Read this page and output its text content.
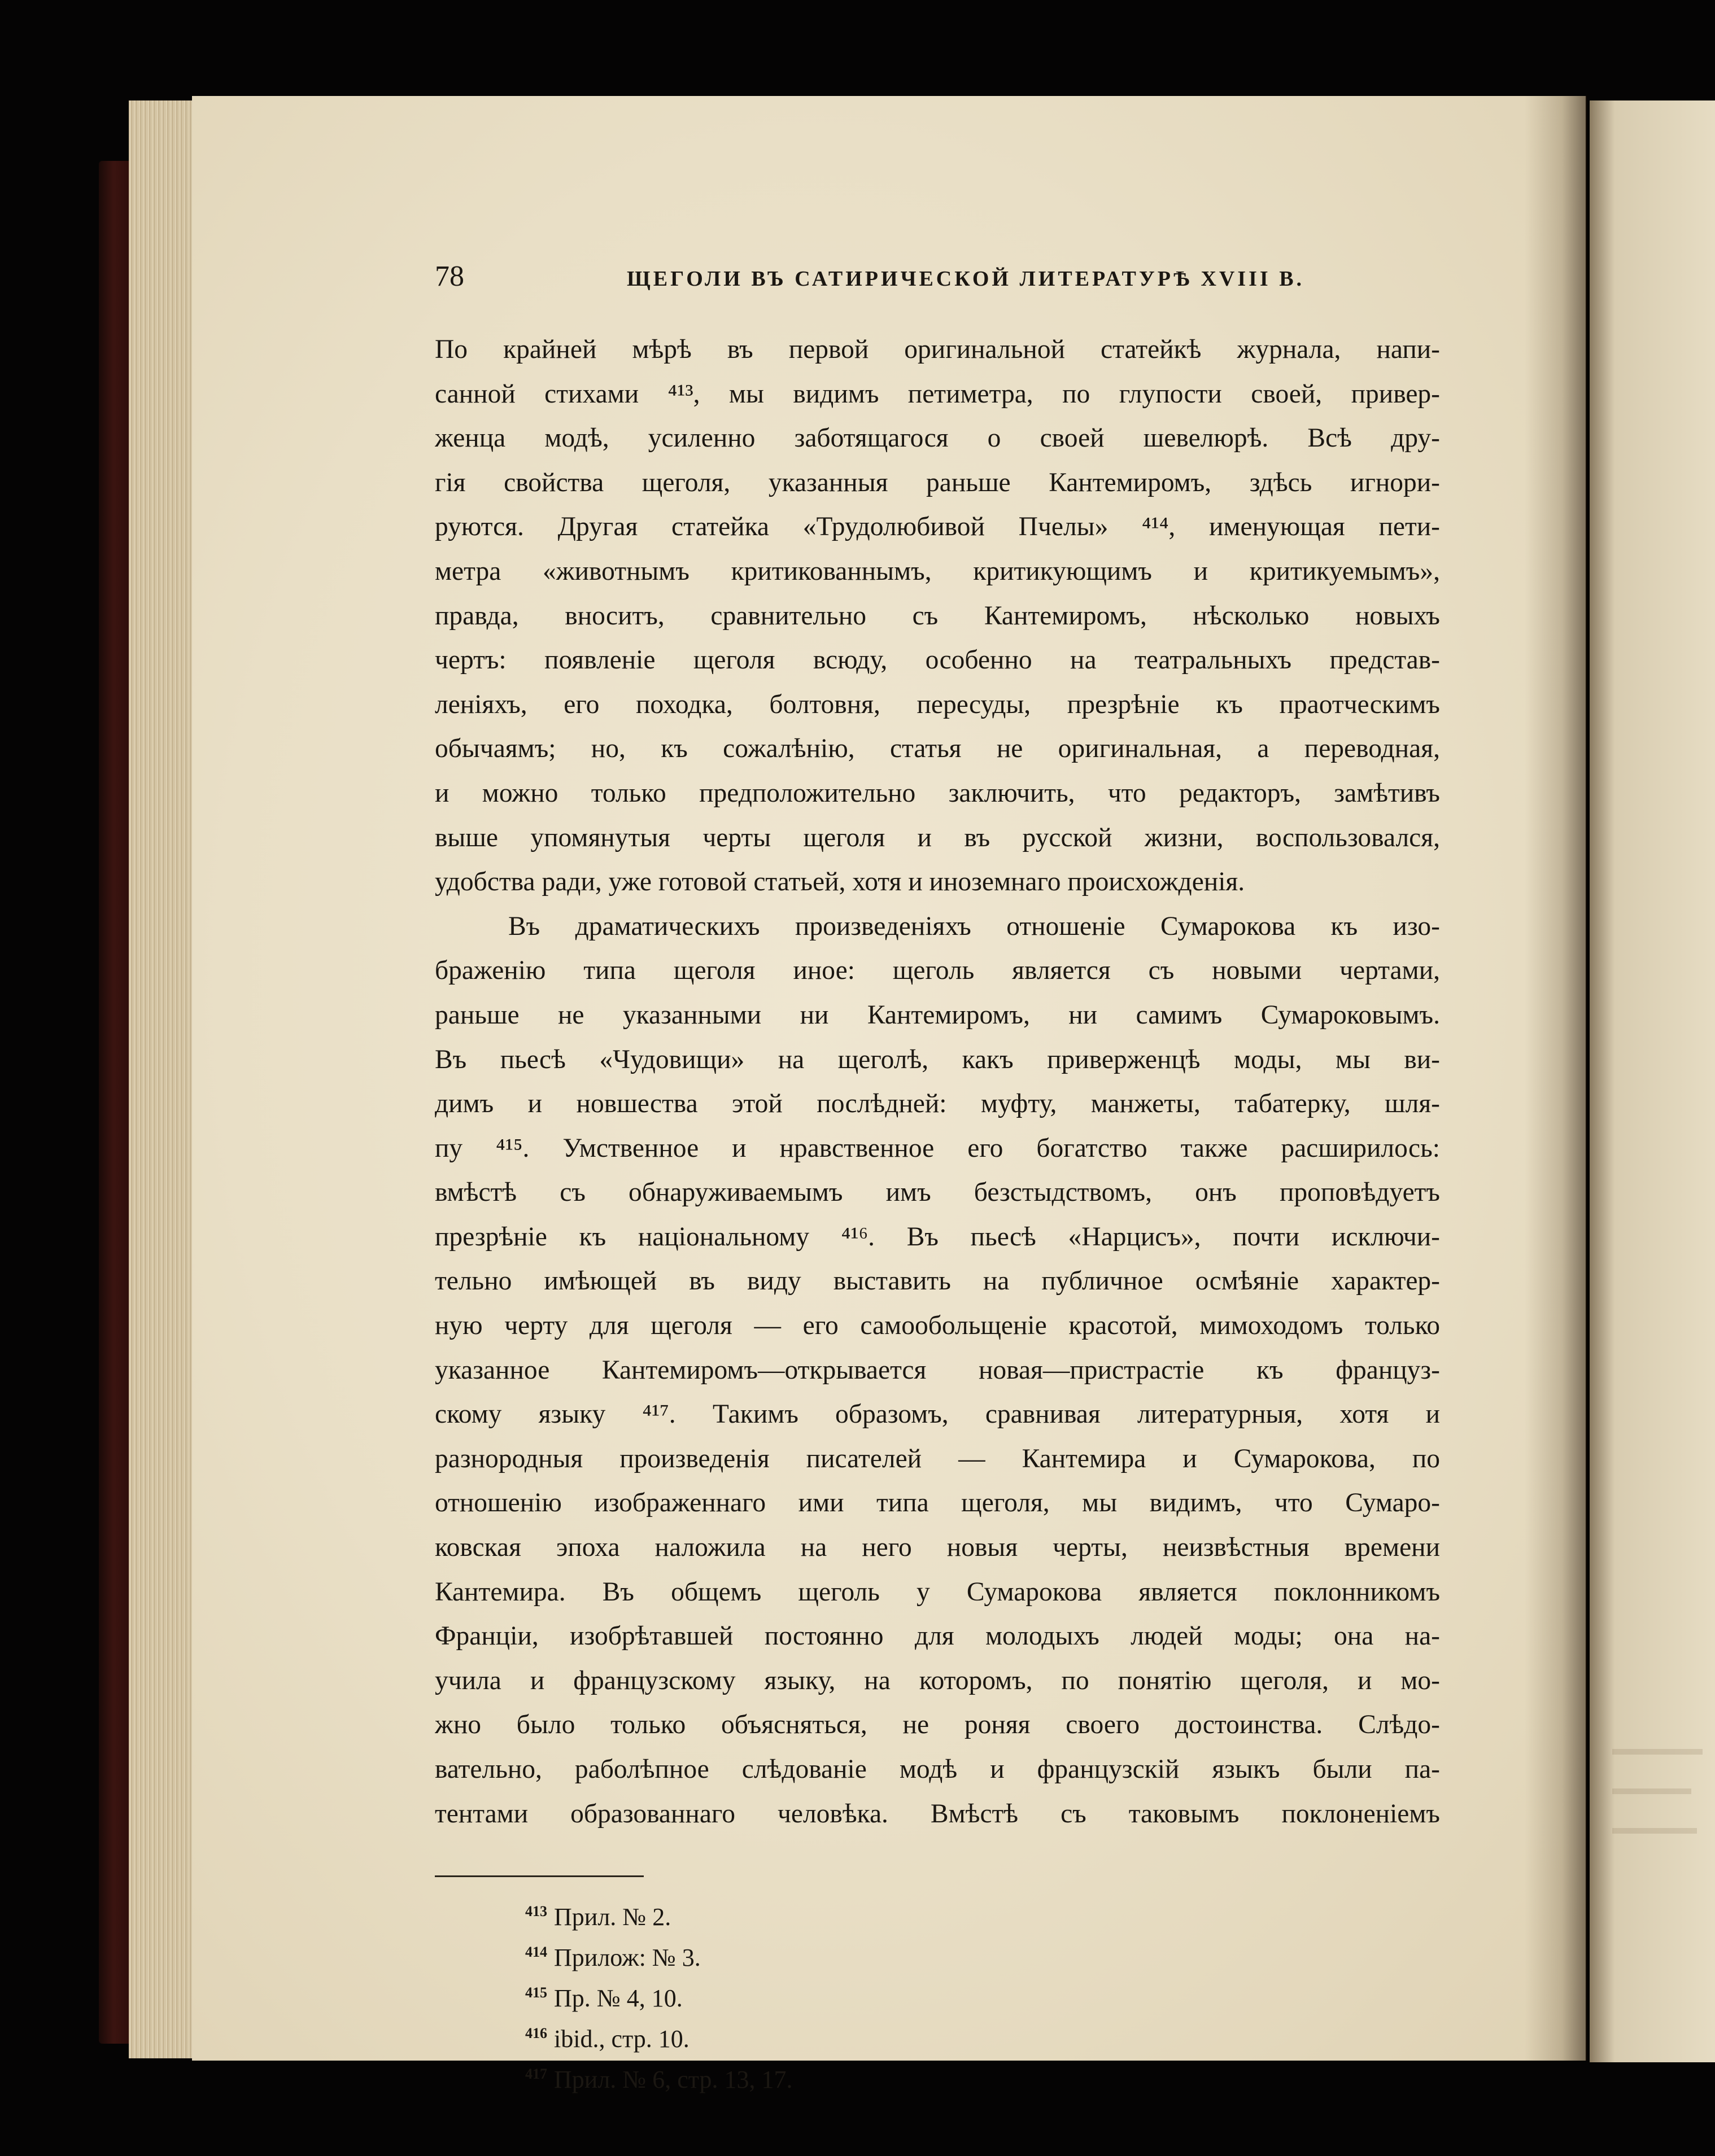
78	ЩЕГОЛИ ВЪ САТИРИЧЕСКОЙ ЛИТЕРАТУРѢ XVIII В.

По крайней мѣрѣ въ первой оригинальной статейкѣ журнала, напи-

санной стихами ⁴¹³, мы видимъ петиметра, по глупости своей, привер-

женца модѣ, усиленно заботящагося о своей шевелюрѣ. Всѣ дру-

гія свойства щеголя, указанныя раньше Кантемиромъ, здѣсь игнори-

руются. Другая статейка «Трудолюбивой Пчелы» ⁴¹⁴, именующая пети-

метра «животнымъ критикованнымъ, критикующимъ и критикуемымъ»,

правда, вноситъ, сравнительно съ Кантемиромъ, нѣсколько новыхъ

чертъ: появленіе щеголя всюду, особенно на театральныхъ представ-

леніяхъ, его походка, болтовня, пересуды, презрѣніе къ праотческимъ

обычаямъ; но, къ сожалѣнію, статья не оригинальная, а переводная,

и можно только предположительно заключить, что редакторъ, замѣтивъ

выше упомянутыя черты щеголя и въ русской жизни, воспользовался,

удобства ради, уже готовой статьей, хотя и иноземнаго происхожденія.

Въ драматическихъ произведеніяхъ отношеніе Сумарокова къ изо-

браженію типа щеголя иное: щеголь является съ новыми чертами,

раньше не указанными ни Кантемиромъ, ни самимъ Сумароковымъ.

Въ пьесѣ «Чудовищи» на щеголѣ, какъ приверженцѣ моды, мы ви-

димъ и новшества этой послѣдней: муфту, манжеты, табатерку, шля-

пу ⁴¹⁵. Умственное и нравственное его богатство также расширилось:

вмѣстѣ съ обнаруживаемымъ имъ безстыдствомъ, онъ проповѣдуетъ

презрѣніе къ національному ⁴¹⁶. Въ пьесѣ «Нарцисъ», почти исключи-

тельно имѣющей въ виду выставить на публичное осмѣяніе характер-

ную черту для щеголя — его самообольщеніе красотой, мимоходомъ только

указанное Кантемиромъ—открывается новая—пристрастіе къ француз-

скому языку ⁴¹⁷. Такимъ образомъ, сравнивая литературныя, хотя и

разнородныя произведенія писателей — Кантемира и Сумарокова, по

отношенію изображеннаго ими типа щеголя, мы видимъ, что Сумаро-

ковская эпоха наложила на него новыя черты, неизвѣстныя времени

Кантемира. Въ общемъ щеголь у Сумарокова является поклонникомъ

Франціи, изобрѣтавшей постоянно для молодыхъ людей моды; она на-

учила и французскому языку, на которомъ, по понятію щеголя, и мо-

жно было только объясняться, не роняя своего достоинства. Слѣдо-

вательно, раболѣпное слѣдованіе модѣ и французскій языкъ были па-

тентами образованнаго человѣка. Вмѣстѣ съ таковымъ поклоненіемъ

$^{413}$ Прил. № 2.
$^{414}$ Прилож: № 3.
$^{415}$ Пр. № 4, 10.
$^{416}$ ibid., стр. 10.
$^{417}$ Прил. № 6, стр. 13, 17.
